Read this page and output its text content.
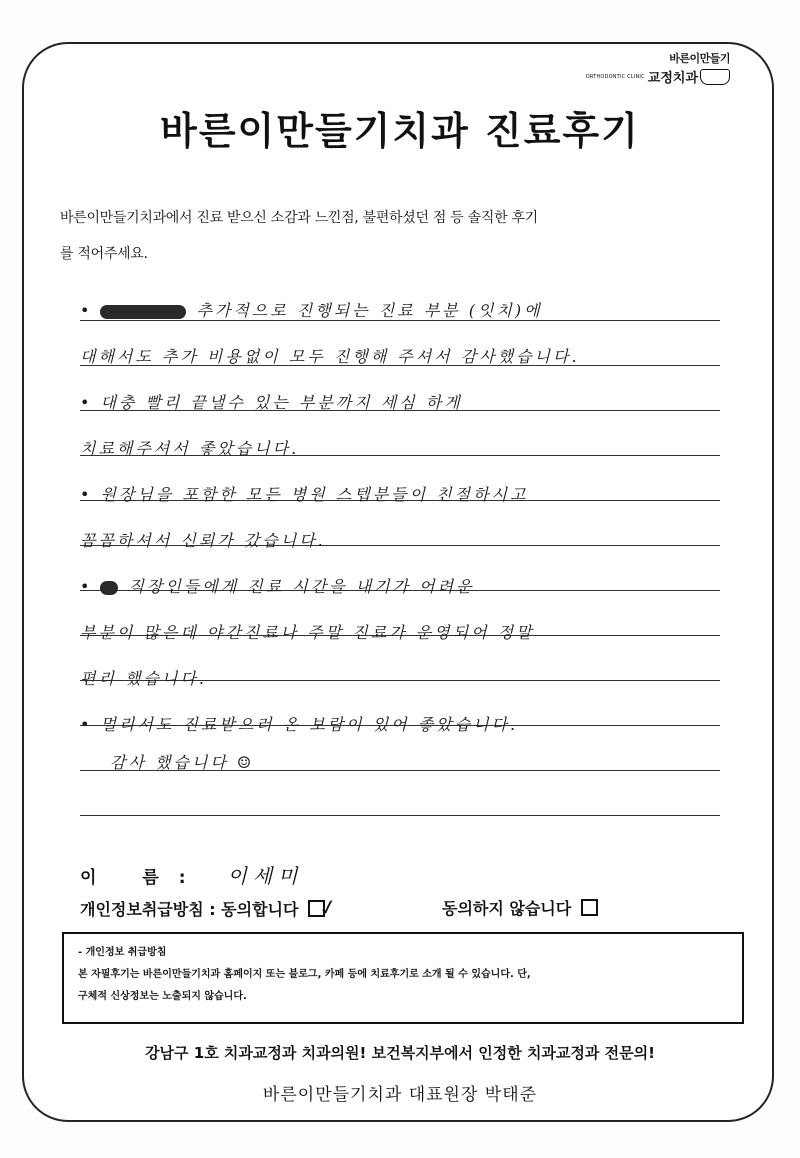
바른이만들기
ORTHODONTIC CLINIC 교정치과
바른이만들기치과 진료후기
바른이만들기치과에서 진료 받으신 소감과 느낀점, 불편하셨던 점 등 솔직한 후기
를 적어주세요.
•	추가적으로 진행되는 진료 부분 (잇치)에
대해서도 추가 비용없이 모두 진행해 주셔서 감사했습니다.
• 대충 빨리 끝낼수 있는 부분까지 세심 하게
치료해주셔서 좋았습니다.
• 원장님을 포함한 모든 병원 스텝분들이 친절하시고
꼼꼼하셔서 신뢰가 갔습니다.
• 직장인들에게 진료 시간을 내기가 어려운
부분이 많은데 야간진료나 주말 진료가 운영되어 정말
편리 했습니다.
• 멀리서도 진료받으러 온 보람이 있어 좋았습니다.
감사 했습니다 ☺
이 름: 이세미
개인정보취급방침 : 동의합니다 ✓	동의하지 않습니다
- 개인정보 취급방침
본 자필후기는 바른이만들기치과 홈페이지 또는 블로그, 카페 등에 치료후기로 소개 될 수 있습니다. 단,
구체적 신상정보는 노출되지 않습니다.
강남구 1호 치과교정과 치과의원! 보건복지부에서 인정한 치과교정과 전문의!
바른이만들기치과 대표원장 박태준
